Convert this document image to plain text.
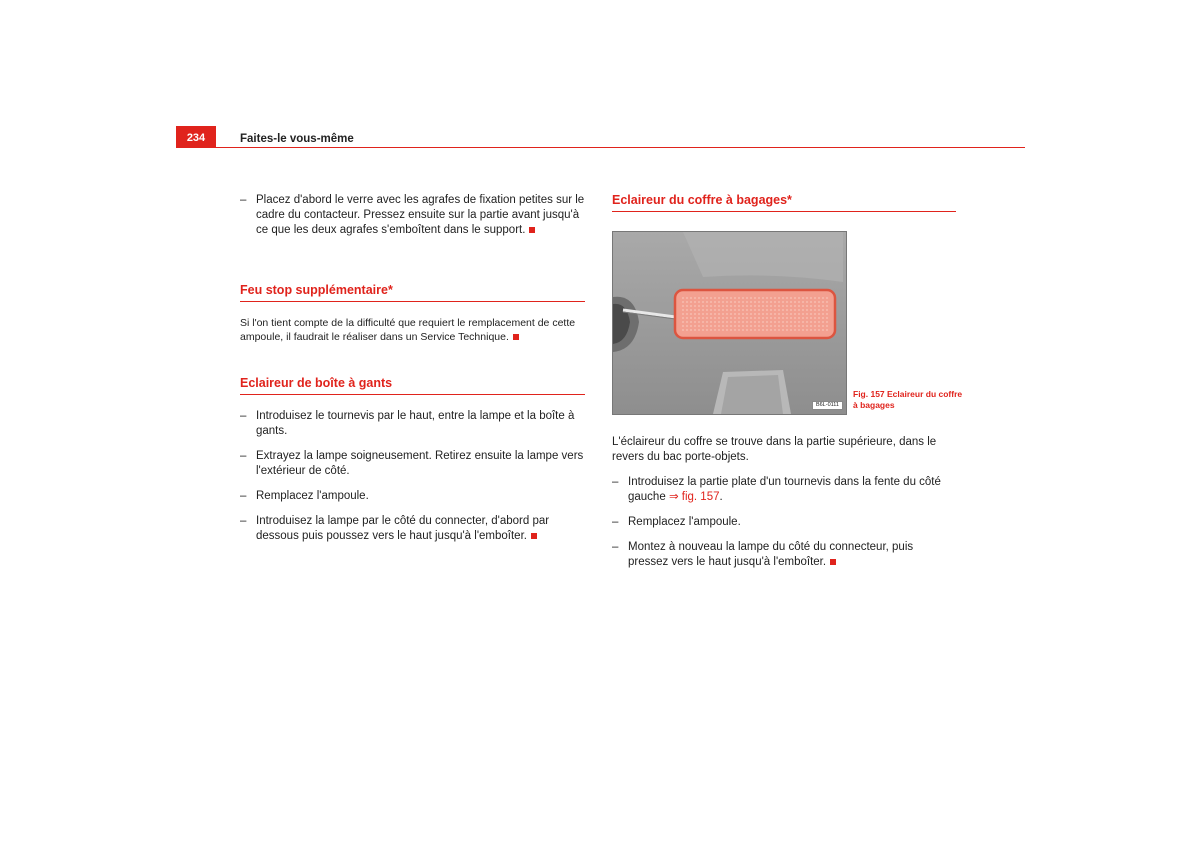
234	Faites-le vous-même
– Placez d'abord le verre avec les agrafes de fixation petites sur le cadre du contacteur. Pressez ensuite sur la partie avant jusqu'à ce que les deux agrafes s'emboîtent dans le support.
Feu stop supplémentaire*

Si l'on tient compte de la difficulté que requiert le remplacement de cette ampoule, il faudrait le réaliser dans un Service Technique.

Eclaireur de boîte à gants
– Introduisez le tournevis par le haut, entre la lampe et la boîte à gants.
– Extrayez la lampe soigneusement. Retirez ensuite la lampe vers l'extérieur de côté.
– Remplacez l'ampoule.
– Introduisez la lampe par le côté du connecter, d'abord par dessous puis poussez vers le haut jusqu'à l'emboîter.
Eclaireur du coffre à bagages*
B6L-0111

L'éclaireur du coffre se trouve dans la partie supérieure, dans le revers du bac porte-objets.

– Introduisez la partie plate d'un tournevis dans la fente du côté gauche ⇒ fig. 157.
– Remplacez l'ampoule.
– Montez à nouveau la lampe du côté du connecteur, puis pressez vers le haut jusqu'à l'emboîter.
Fig. 157 Eclaireur du coffre à bagages
